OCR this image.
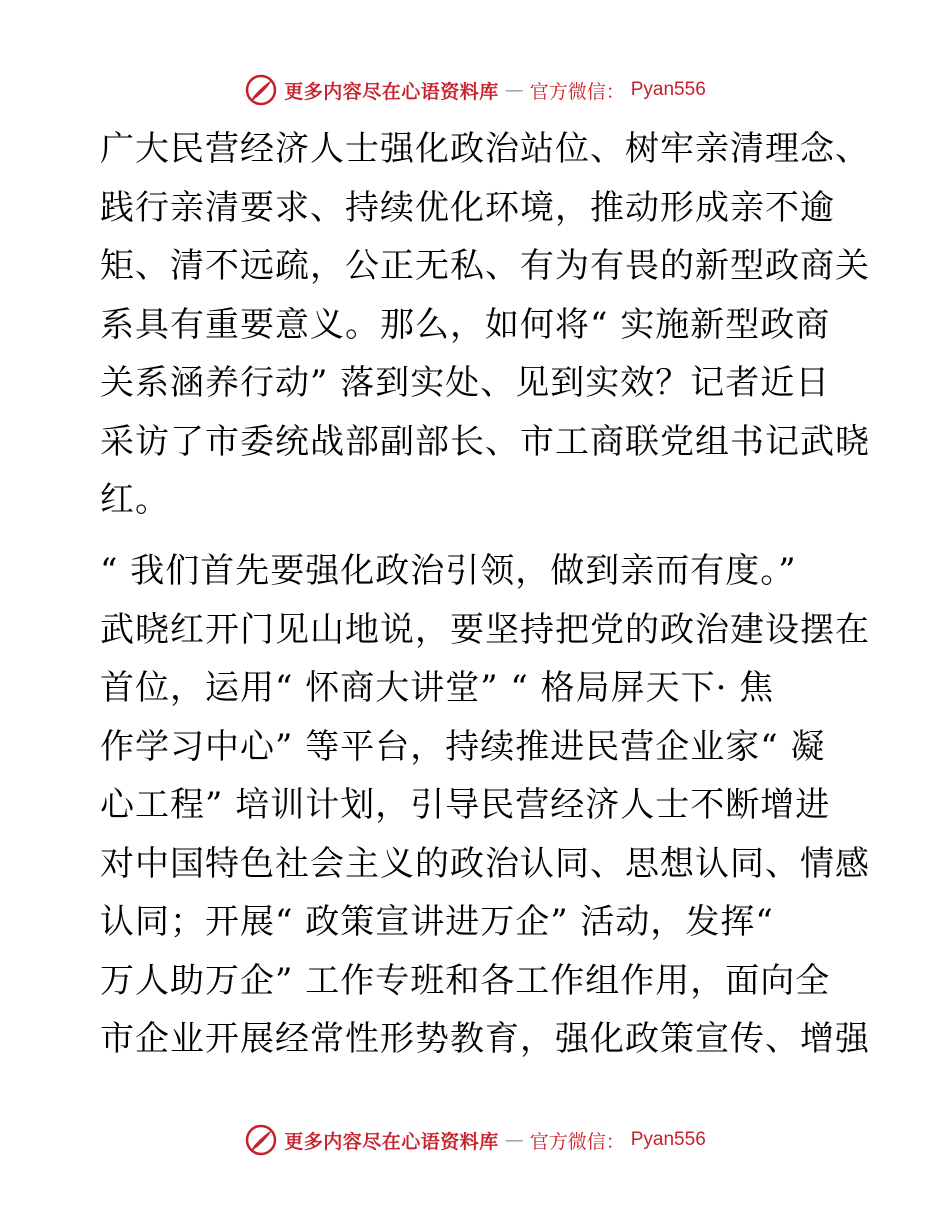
更多内容尽在心语资料库 — 官方微信： Pyan556
广大民营经济人士强化政治站位、树牢亲清理念、
践行亲清要求、持续优化环境，推动形成亲不逾
矩、清不远疏，公正无私、有为有畏的新型政商关
系具有重要意义。那么，如何将“ 实施新型政商
关系涵养行动” 落到实处、见到实效？记者近日
采访了市委统战部副部长、市工商联党组书记武晓
红。
“ 我们首先要强化政治引领，做到亲而有度。”
武晓红开门见山地说，要坚持把党的政治建设摆在
首位，运用“ 怀商大讲堂” “ 格局屏天下· 焦
作学习中心” 等平台，持续推进民营企业家“ 凝
心工程” 培训计划，引导民营经济人士不断增进
对中国特色社会主义的政治认同、思想认同、情感
认同；开展“ 政策宣讲进万企” 活动，发挥“
万人助万企” 工作专班和各工作组作用，面向全
市企业开展经常性形势教育，强化政策宣传、增强
更多内容尽在心语资料库 — 官方微信： Pyan556
